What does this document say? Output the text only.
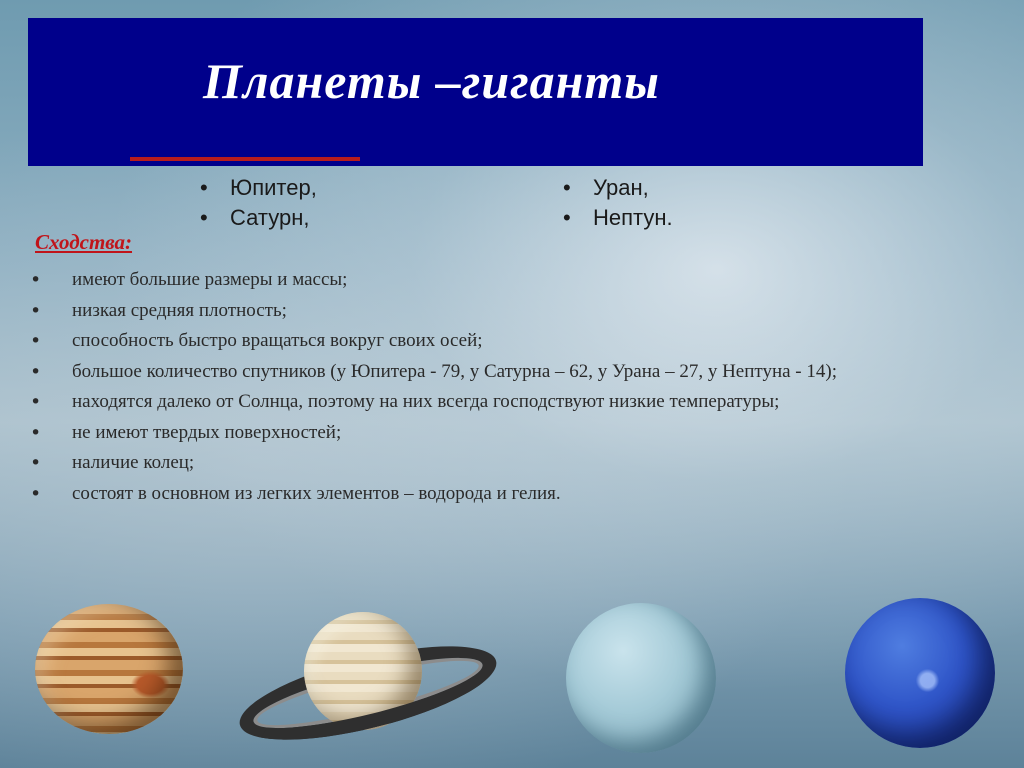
Планеты –гиганты
• Юпитер,
• Сатурн,
• Уран,
• Нептун.
Сходства:
• имеют большие размеры и массы;
• низкая средняя плотность;
• способность быстро вращаться вокруг своих осей;
• большое количество спутников (у Юпитера - 79, у Сатурна – 62, у Урана – 27, у Нептуна - 14);
• находятся далеко от Солнца, поэтому на них всегда господствуют низкие температуры;
• не имеют твердых поверхностей;
• наличие колец;
• состоят в основном из легких элементов – водорода и гелия.
